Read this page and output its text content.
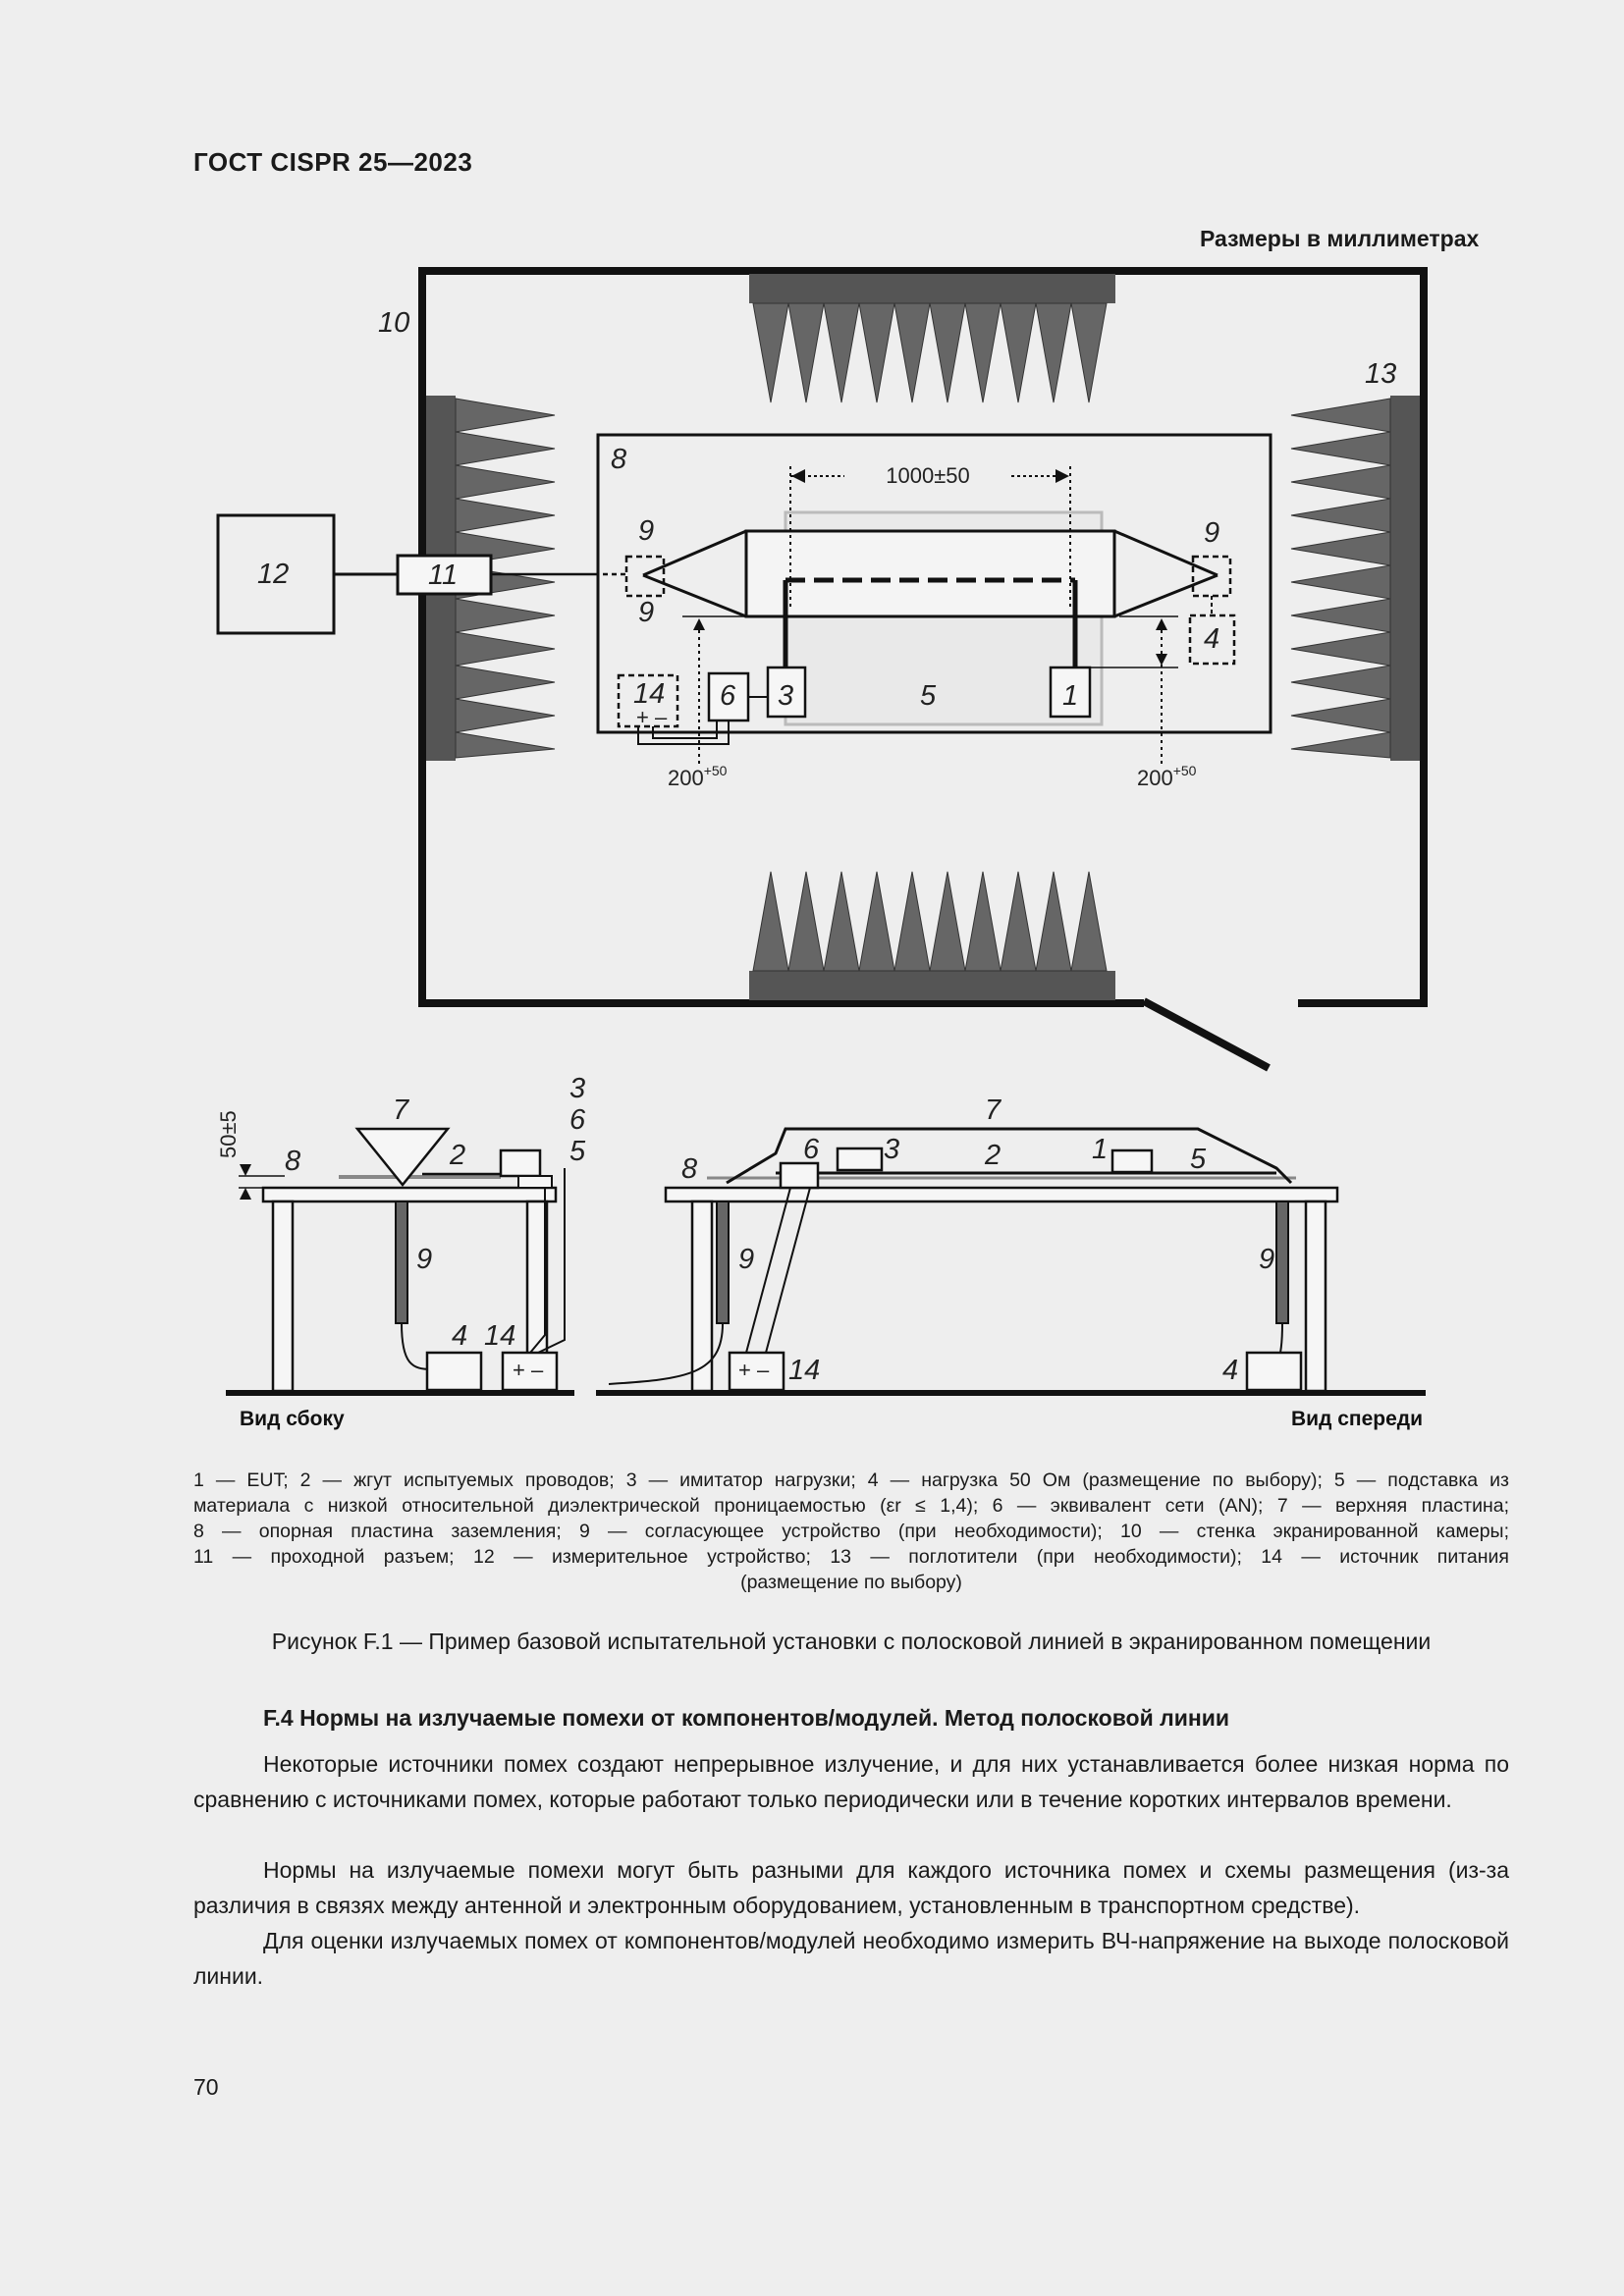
ГОСТ CISPR 25—2023
Размеры в миллиметрах
1000±50
$200^{+50}$	$200^{+50}$
10
13
8
12	11
9
9
9
4
14
+ –
6 3	5	1
+ –
50±5
7
3
6
5
8	2
9
4 14
Вид сбоку
+ –
7
6 3	2	1	5
8
9	9
14	4
Вид спереди
1 — EUT; 2 — жгут испытуемых проводов; 3 — имитатор нагрузки; 4 — нагрузка 50 Ом (размещение по выбору); 5 — подставка из
материала с низкой относительной диэлектрической проницаемостью (εr ≤ 1,4); 6 — эквивалент сети (AN); 7 — верхняя пластина;
8 — опорная пластина заземления; 9 — согласующее устройство (при необходимости); 10 — стенка экранированной камеры;
11 — проходной разъем; 12 — измерительное устройство; 13 — поглотители (при необходимости); 14 — источник питания
(размещение по выбору)
Рисунок F.1 — Пример базовой испытательной установки с полосковой линией в экранированном помещении
F.4 Нормы на излучаемые помехи от компонентов/модулей. Метод полосковой линии
Некоторые источники помех создают непрерывное излучение, и для них устанавливается более низкая норма по сравнению с источниками помех, которые работают только периодически или в течение коротких интервалов времени.
Нормы на излучаемые помехи могут быть разными для каждого источника помех и схемы размещения (из-за различия в связях между антенной и электронным оборудованием, установленным в транспортном средстве).
Для оценки излучаемых помех от компонентов/модулей необходимо измерить ВЧ-напряжение на выходе полосковой линии.
70
